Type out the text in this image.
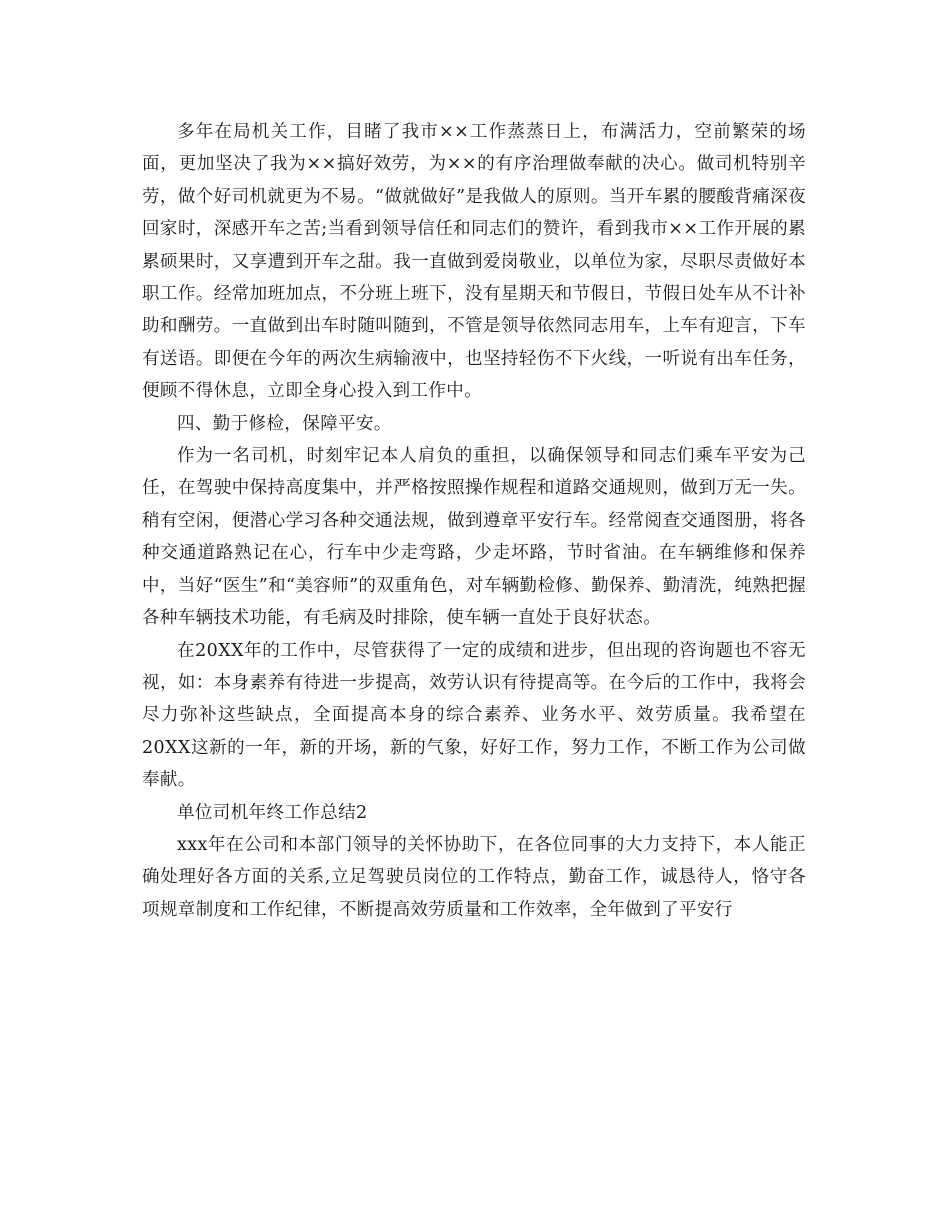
多年在局机关工作，目睹了我市××工作蒸蒸日上，布满活力，空前繁荣的场面，更加坚决了我为××搞好效劳，为××的有序治理做奉献的决心。做司机特别辛劳，做个好司机就更为不易。“做就做好”是我做人的原则。当开车累的腰酸背痛深夜回家时，深感开车之苦;当看到领导信任和同志们的赞许，看到我市××工作开展的累累硕果时，又享遭到开车之甜。我一直做到爱岗敬业，以单位为家，尽职尽责做好本职工作。经常加班加点，不分班上班下，没有星期天和节假日，节假日处车从不计补助和酬劳。一直做到出车时随叫随到，不管是领导依然同志用车，上车有迎言，下车有送语。即便在今年的两次生病输液中，也坚持轻伤不下火线，一听说有出车任务，便顾不得休息，立即全身心投入到工作中。

四、勤于修检，保障平安。

作为一名司机，时刻牢记本人肩负的重担，以确保领导和同志们乘车平安为己任，在驾驶中保持高度集中，并严格按照操作规程和道路交通规则，做到万无一失。稍有空闲，便潜心学习各种交通法规，做到遵章平安行车。经常阅查交通图册，将各种交通道路熟记在心，行车中少走弯路，少走坏路，节时省油。在车辆维修和保养中，当好“医生”和“美容师”的双重角色，对车辆勤检修、勤保养、勤清洗，纯熟把握各种车辆技术功能，有毛病及时排除，使车辆一直处于良好状态。

在20XX年的工作中，尽管获得了一定的成绩和进步，但出现的咨询题也不容无视，如：本身素养有待进一步提高，效劳认识有待提高等。在今后的工作中，我将会尽力弥补这些缺点，全面提高本身的综合素养、业务水平、效劳质量。我希望在20XX这新的一年，新的开场，新的气象，好好工作，努力工作，不断工作为公司做奉献。

单位司机年终工作总结2

xxx年在公司和本部门领导的关怀协助下，在各位同事的大力支持下，本人能正确处理好各方面的关系,立足驾驶员岗位的工作特点，勤奋工作，诚恳待人，恪守各项规章制度和工作纪律，不断提高效劳质量和工作效率，全年做到了平安行
